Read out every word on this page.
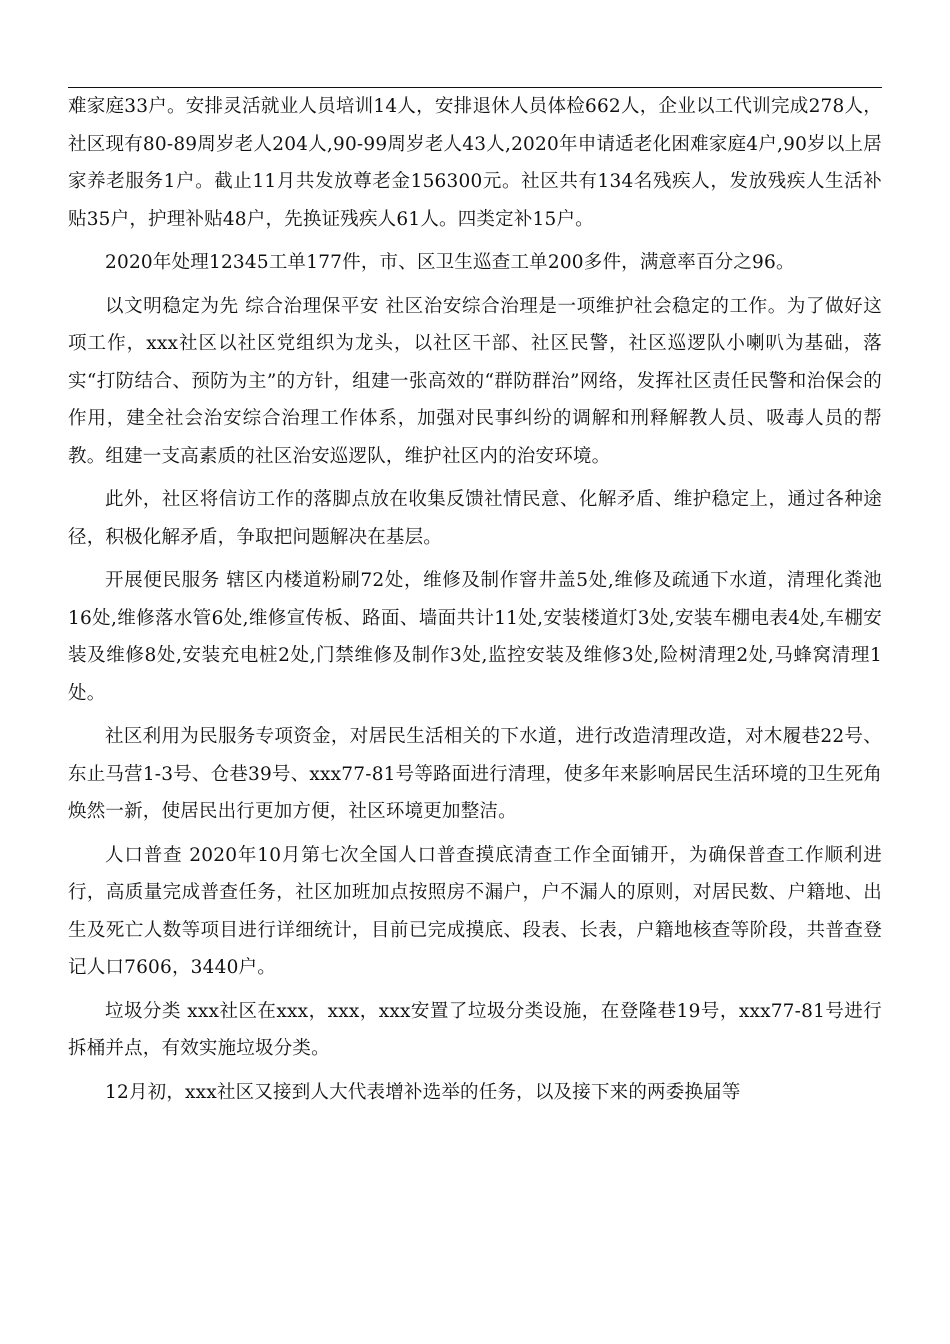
难家庭33户。安排灵活就业人员培训14人，安排退休人员体检662人，企业以工代训完成278人，社区现有80-89周岁老人204人,90-99周岁老人43人,2020年申请适老化困难家庭4户,90岁以上居家养老服务1户。截止11月共发放尊老金156300元。社区共有134名残疾人，发放残疾人生活补贴35户，护理补贴48户，先换证残疾人61人。四类定补15户。

2020年处理12345工单177件，市、区卫生巡查工单200多件，满意率百分之96。

以文明稳定为先 综合治理保平安 社区治安综合治理是一项维护社会稳定的工作。为了做好这项工作，xxx社区以社区党组织为龙头，以社区干部、社区民警，社区巡逻队小喇叭为基础，落实“打防结合、预防为主”的方针，组建一张高效的“群防群治”网络，发挥社区责任民警和治保会的作用，建全社会治安综合治理工作体系，加强对民事纠纷的调解和刑释解教人员、吸毒人员的帮教。组建一支高素质的社区治安巡逻队，维护社区内的治安环境。

此外，社区将信访工作的落脚点放在收集反馈社情民意、化解矛盾、维护稳定上，通过各种途径，积极化解矛盾，争取把问题解决在基层。

开展便民服务 辖区内楼道粉刷72处，维修及制作窨井盖5处,维修及疏通下水道，清理化粪池16处,维修落水管6处,维修宣传板、路面、墙面共计11处,安装楼道灯3处,安装车棚电表4处,车棚安装及维修8处,安装充电桩2处,门禁维修及制作3处,监控安装及维修3处,险树清理2处,马蜂窝清理1处。

社区利用为民服务专项资金，对居民生活相关的下水道，进行改造清理改造，对木履巷22号、东止马营1-3号、仓巷39号、xxx77-81号等路面进行清理，使多年来影响居民生活环境的卫生死角焕然一新，使居民出行更加方便，社区环境更加整洁。

人口普查 2020年10月第七次全国人口普查摸底清查工作全面铺开，为确保普查工作顺利进行，高质量完成普查任务，社区加班加点按照房不漏户，户不漏人的原则，对居民数、户籍地、出生及死亡人数等项目进行详细统计，目前已完成摸底、段表、长表，户籍地核查等阶段，共普查登记人口7606，3440户。

垃圾分类 xxx社区在xxx，xxx，xxx安置了垃圾分类设施，在登隆巷19号，xxx77-81号进行拆桶并点，有效实施垃圾分类。

12月初，xxx社区又接到人大代表增补选举的任务，以及接下来的两委换届等
